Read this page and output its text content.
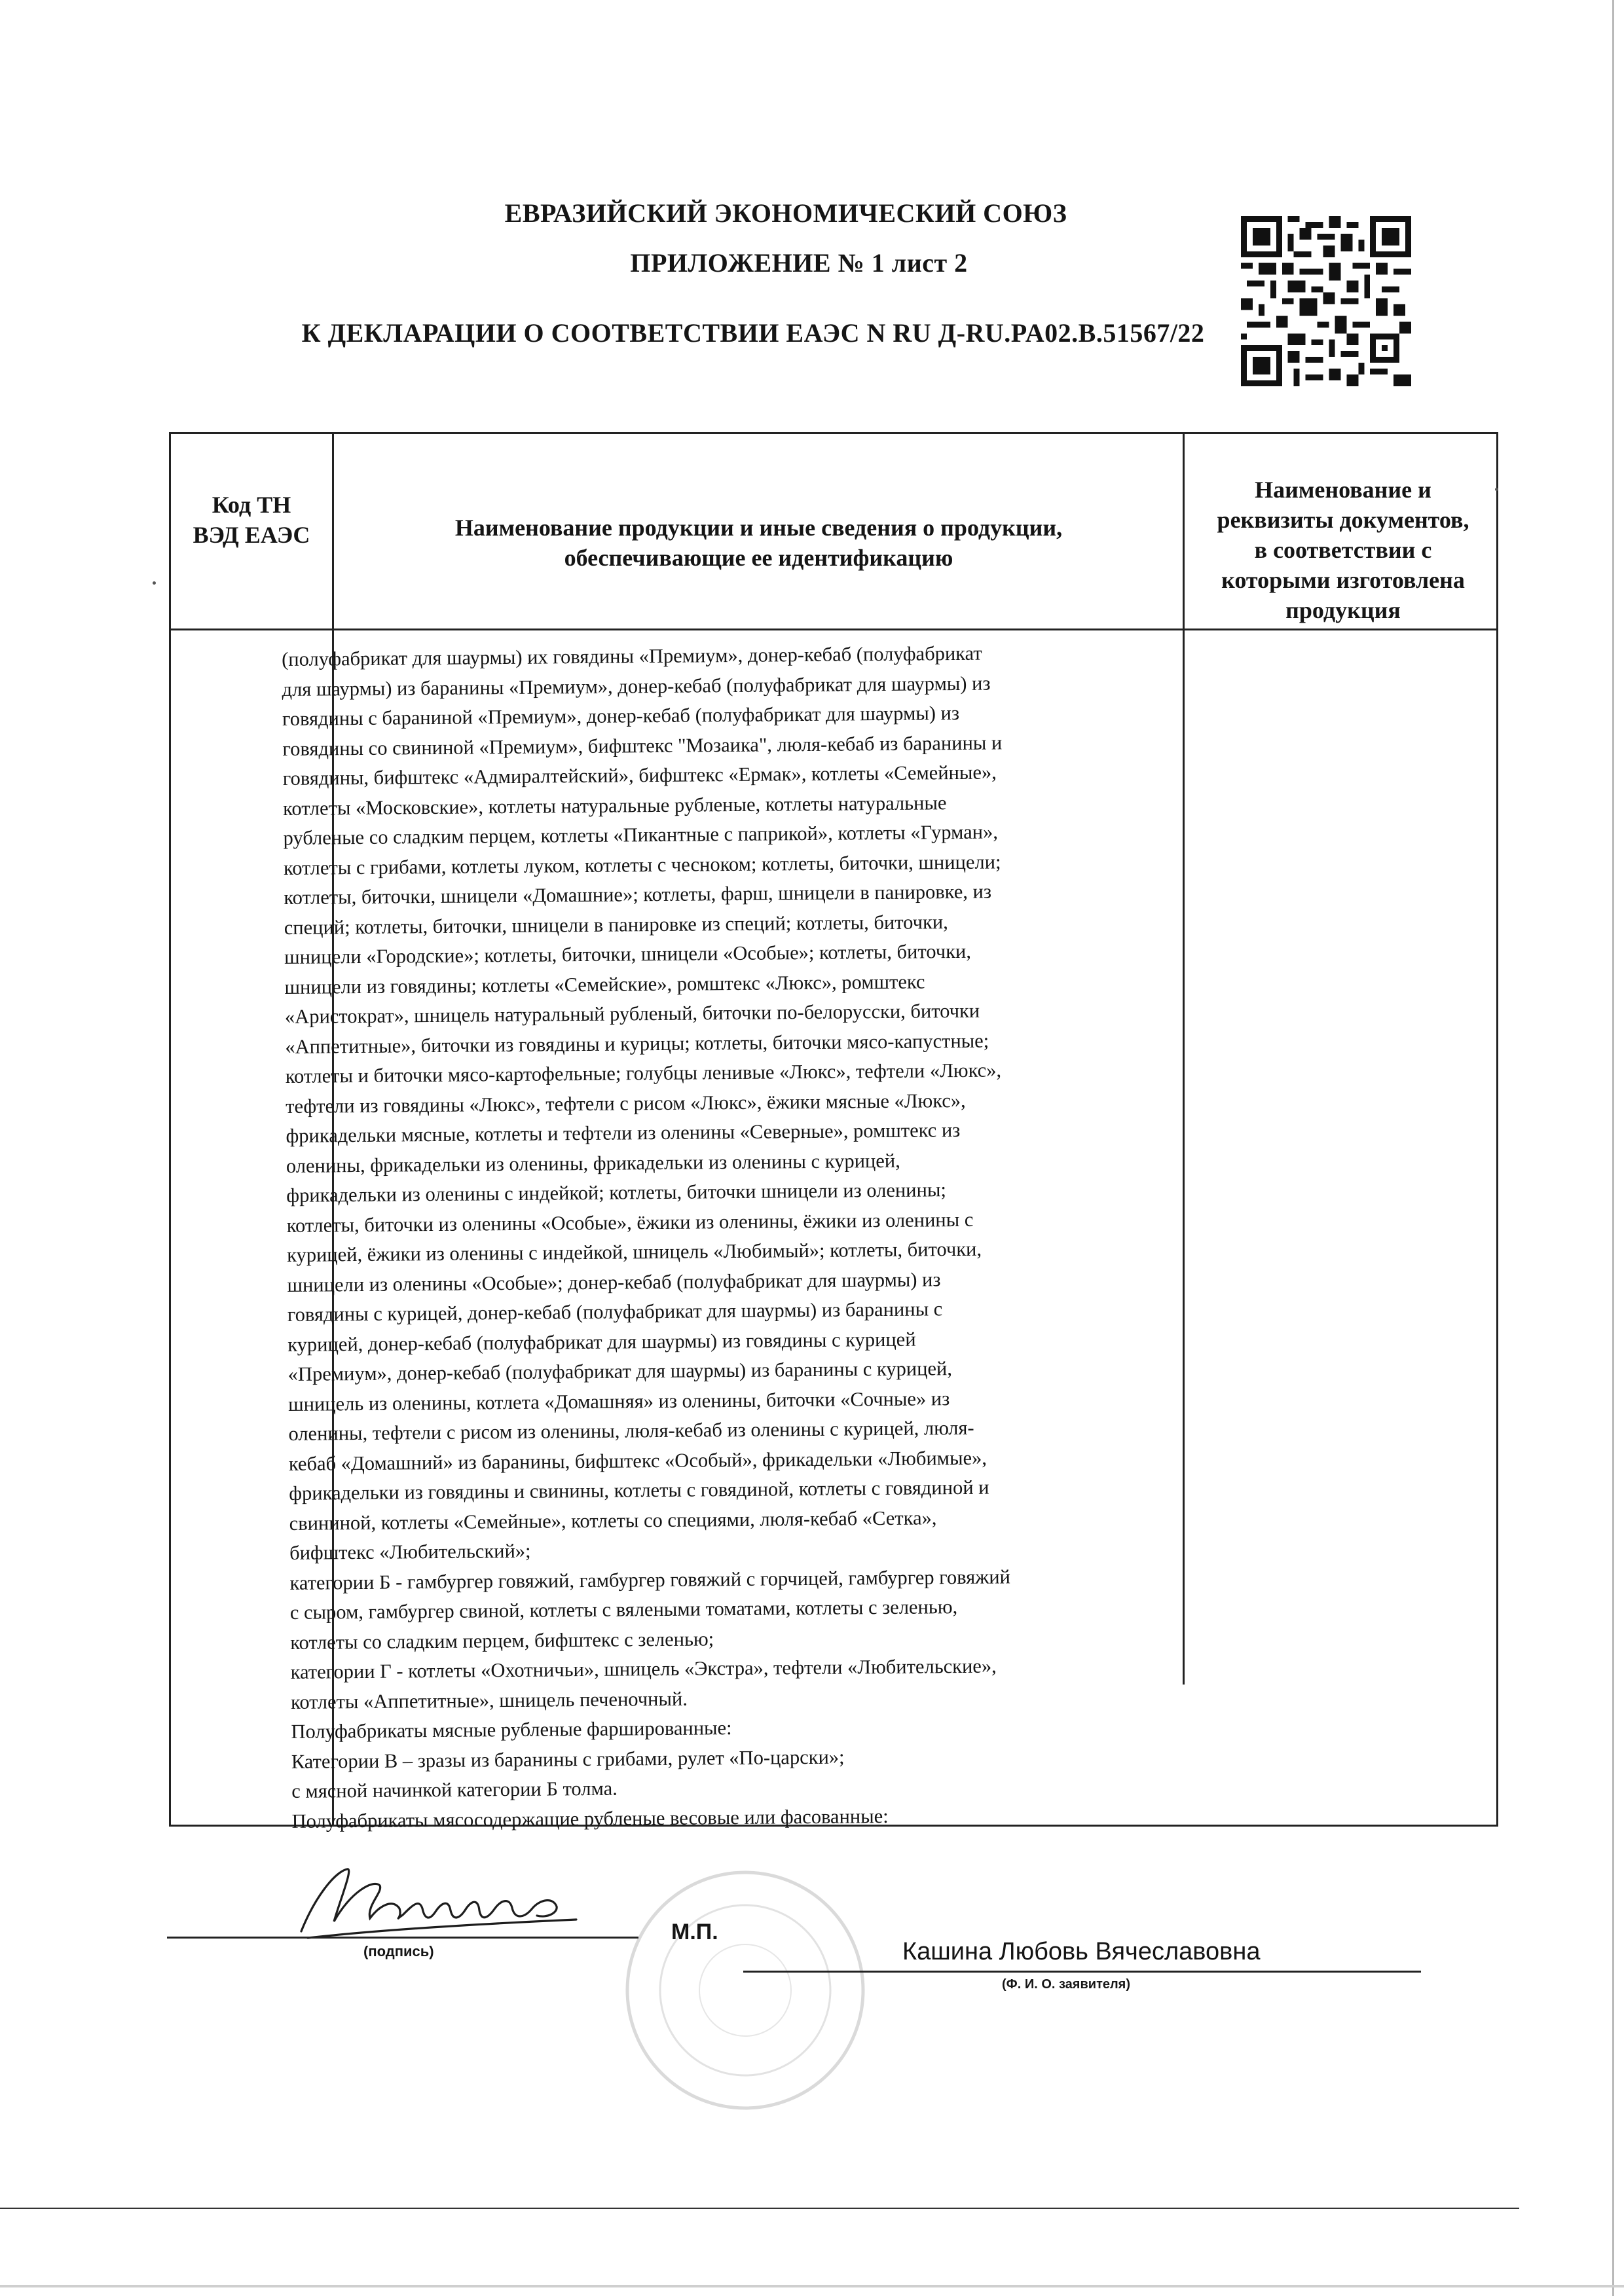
ЕВРАЗИЙСКИЙ ЭКОНОМИЧЕСКИЙ СОЮЗ
ПРИЛОЖЕНИЕ № 1 лист 2
К ДЕКЛАРАЦИИ О СООТВЕТСТВИИ ЕАЭС N RU Д-RU.PA02.B.51567/22
Код ТН
ВЭД ЕАЭС	Наименование продукции и иные сведения о продукции,
обеспечивающие ее идентификацию
Наименование и
реквизиты документов,
в соответствии с
которыми изготовлена
продукция

(полуфабрикат для шаурмы) их говядины «Премиум», донер-кебаб (полуфабрикат

для шаурмы) из баранины «Премиум», донер-кебаб (полуфабрикат для шаурмы) из

говядины с бараниной «Премиум», донер-кебаб (полуфабрикат для шаурмы) из

говядины со свининой «Премиум», бифштекс "Мозаика", люля-кебаб из баранины и

говядины, бифштекс «Адмиралтейский», бифштекс «Ермак», котлеты «Семейные»,

котлеты «Московские», котлеты натуральные рубленые, котлеты натуральные

рубленые со сладким перцем, котлеты «Пикантные с паприкой», котлеты «Гурман»,

котлеты с грибами, котлеты луком, котлеты с чесноком; котлеты, биточки, шницели;

котлеты, биточки, шницели «Домашние»; котлеты, фарш, шницели в панировке, из

специй; котлеты, биточки, шницели в панировке из специй; котлеты, биточки,

шницели «Городские»; котлеты, биточки, шницели «Особые»; котлеты, биточки,

шницели из говядины; котлеты «Семейские», ромштекс «Люкс», ромштекс

«Аристократ», шницель натуральный рубленый, биточки по-белорусски, биточки

«Аппетитные», биточки из говядины и курицы; котлеты, биточки мясо-капустные;

котлеты и биточки мясо-картофельные; голубцы ленивые «Люкс», тефтели «Люкс»,

тефтели из говядины «Люкс», тефтели с рисом «Люкс», ёжики мясные «Люкс»,

фрикадельки мясные, котлеты и тефтели из оленины «Северные», ромштекс из

оленины, фрикадельки из оленины, фрикадельки из оленины с курицей,

фрикадельки из оленины с индейкой; котлеты, биточки шницели из оленины;

котлеты, биточки из оленины «Особые», ёжики из оленины, ёжики из оленины с

курицей, ёжики из оленины с индейкой, шницель «Любимый»; котлеты, биточки,

шницели из оленины «Особые»; донер-кебаб (полуфабрикат для шаурмы) из

говядины с курицей, донер-кебаб (полуфабрикат для шаурмы) из баранины с

курицей, донер-кебаб (полуфабрикат для шаурмы) из говядины с курицей

«Премиум», донер-кебаб (полуфабрикат для шаурмы) из баранины с курицей,

шницель из оленины, котлета «Домашняя» из оленины, биточки «Сочные» из

оленины, тефтели с рисом из оленины, люля-кебаб из оленины с курицей, люля-

кебаб «Домашний» из баранины, бифштекс «Особый», фрикадельки «Любимые»,

фрикадельки из говядины и свинины, котлеты с говядиной, котлеты с говядиной и

свининой, котлеты «Семейные», котлеты со специями, люля-кебаб «Сетка»,

бифштекс «Любительский»;

категории Б - гамбургер говяжий, гамбургер говяжий с горчицей, гамбургер говяжий

с сыром, гамбургер свиной, котлеты с вялеными томатами, котлеты с зеленью,

котлеты со сладким перцем, бифштекс с зеленью;

категории Г - котлеты «Охотничьи», шницель «Экстра», тефтели «Любительские»,

котлеты «Аппетитные», шницель печеночный.

Полуфабрикаты мясные рубленые фаршированные:

Категории В – зразы из баранины с грибами, рулет «По-царски»;

с мясной начинкой категории Б толма.

Полуфабрикаты мясосодержащие рубленые весовые или фасованные:

(подпись)
М.П.
Кашина Любовь Вячеславовна
(Ф. И. О. заявителя)
